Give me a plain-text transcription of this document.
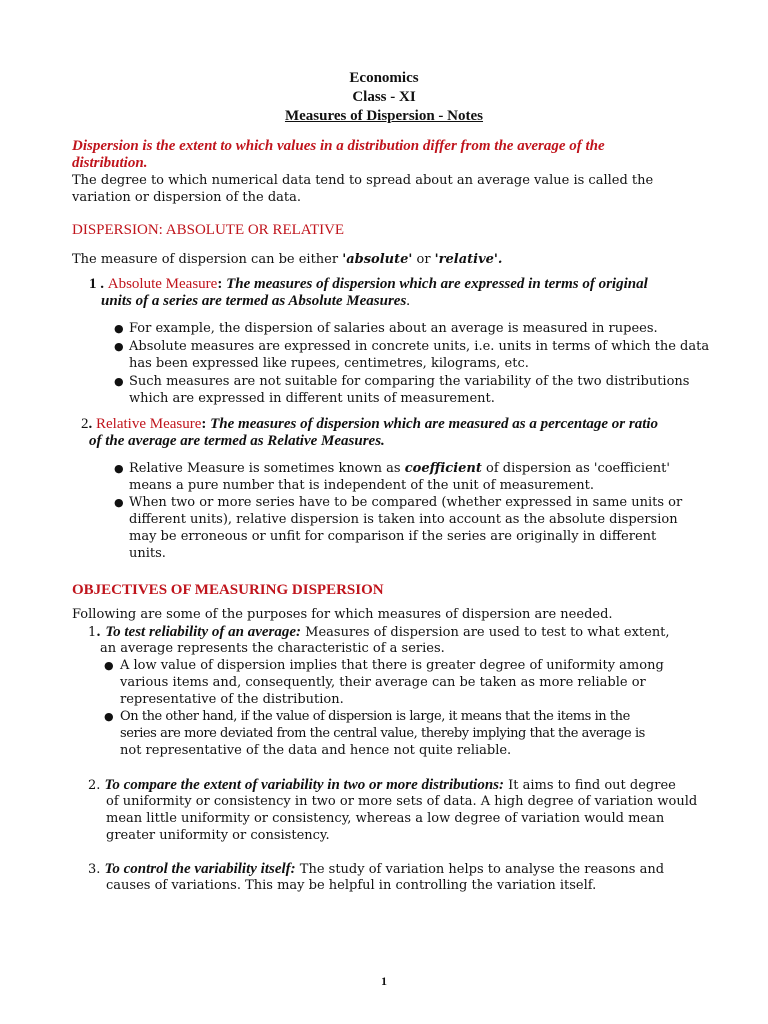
Economics
Class - XI
Measures of Dispersion - Notes
Dispersion is the extent to which values in a distribution differ from the average of the
distribution.
The degree to which numerical data tend to spread about an average value is called the
variation or dispersion of the data.
DISPERSION: ABSOLUTE OR RELATIVE
The measure of dispersion can be either 'absolute' or 'relative'.
1 . Absolute Measure: The measures of dispersion which are expressed in terms of original
units of a series are termed as Absolute Measures.
● For example, the dispersion of salaries about an average is measured in rupees.
● Absolute measures are expressed in concrete units, i.e. units in terms of which the data
has been expressed like rupees, centimetres, kilograms, etc.
● Such measures are not suitable for comparing the variability of the two distributions
which are expressed in different units of measurement.
2. Relative Measure: The measures of dispersion which are measured as a percentage or ratio
of the average are termed as Relative Measures.
● Relative Measure is sometimes known as coefficient of dispersion as 'coefficient'
means a pure number that is independent of the unit of measurement.
● When two or more series have to be compared (whether expressed in same units or
different units), relative dispersion is taken into account as the absolute dispersion
may be erroneous or unfit for comparison if the series are originally in different
units.
OBJECTIVES OF MEASURING DISPERSION
Following are some of the purposes for which measures of dispersion are needed.
1. To test reliability of an average: Measures of dispersion are used to test to what extent,
an average represents the characteristic of a series.
● A low value of dispersion implies that there is greater degree of uniformity among
various items and, consequently, their average can be taken as more reliable or
representative of the distribution.
● On the other hand, if the value of dispersion is large, it means that the items in the
series are more deviated from the central value, thereby implying that the average is
not representative of the data and hence not quite reliable.
2. To compare the extent of variability in two or more distributions: It aims to find out degree
of uniformity or consistency in two or more sets of data. A high degree of variation would
mean little uniformity or consistency, whereas a low degree of variation would mean
greater uniformity or consistency.
3. To control the variability itself: The study of variation helps to analyse the reasons and
causes of variations. This may be helpful in controlling the variation itself.
1
